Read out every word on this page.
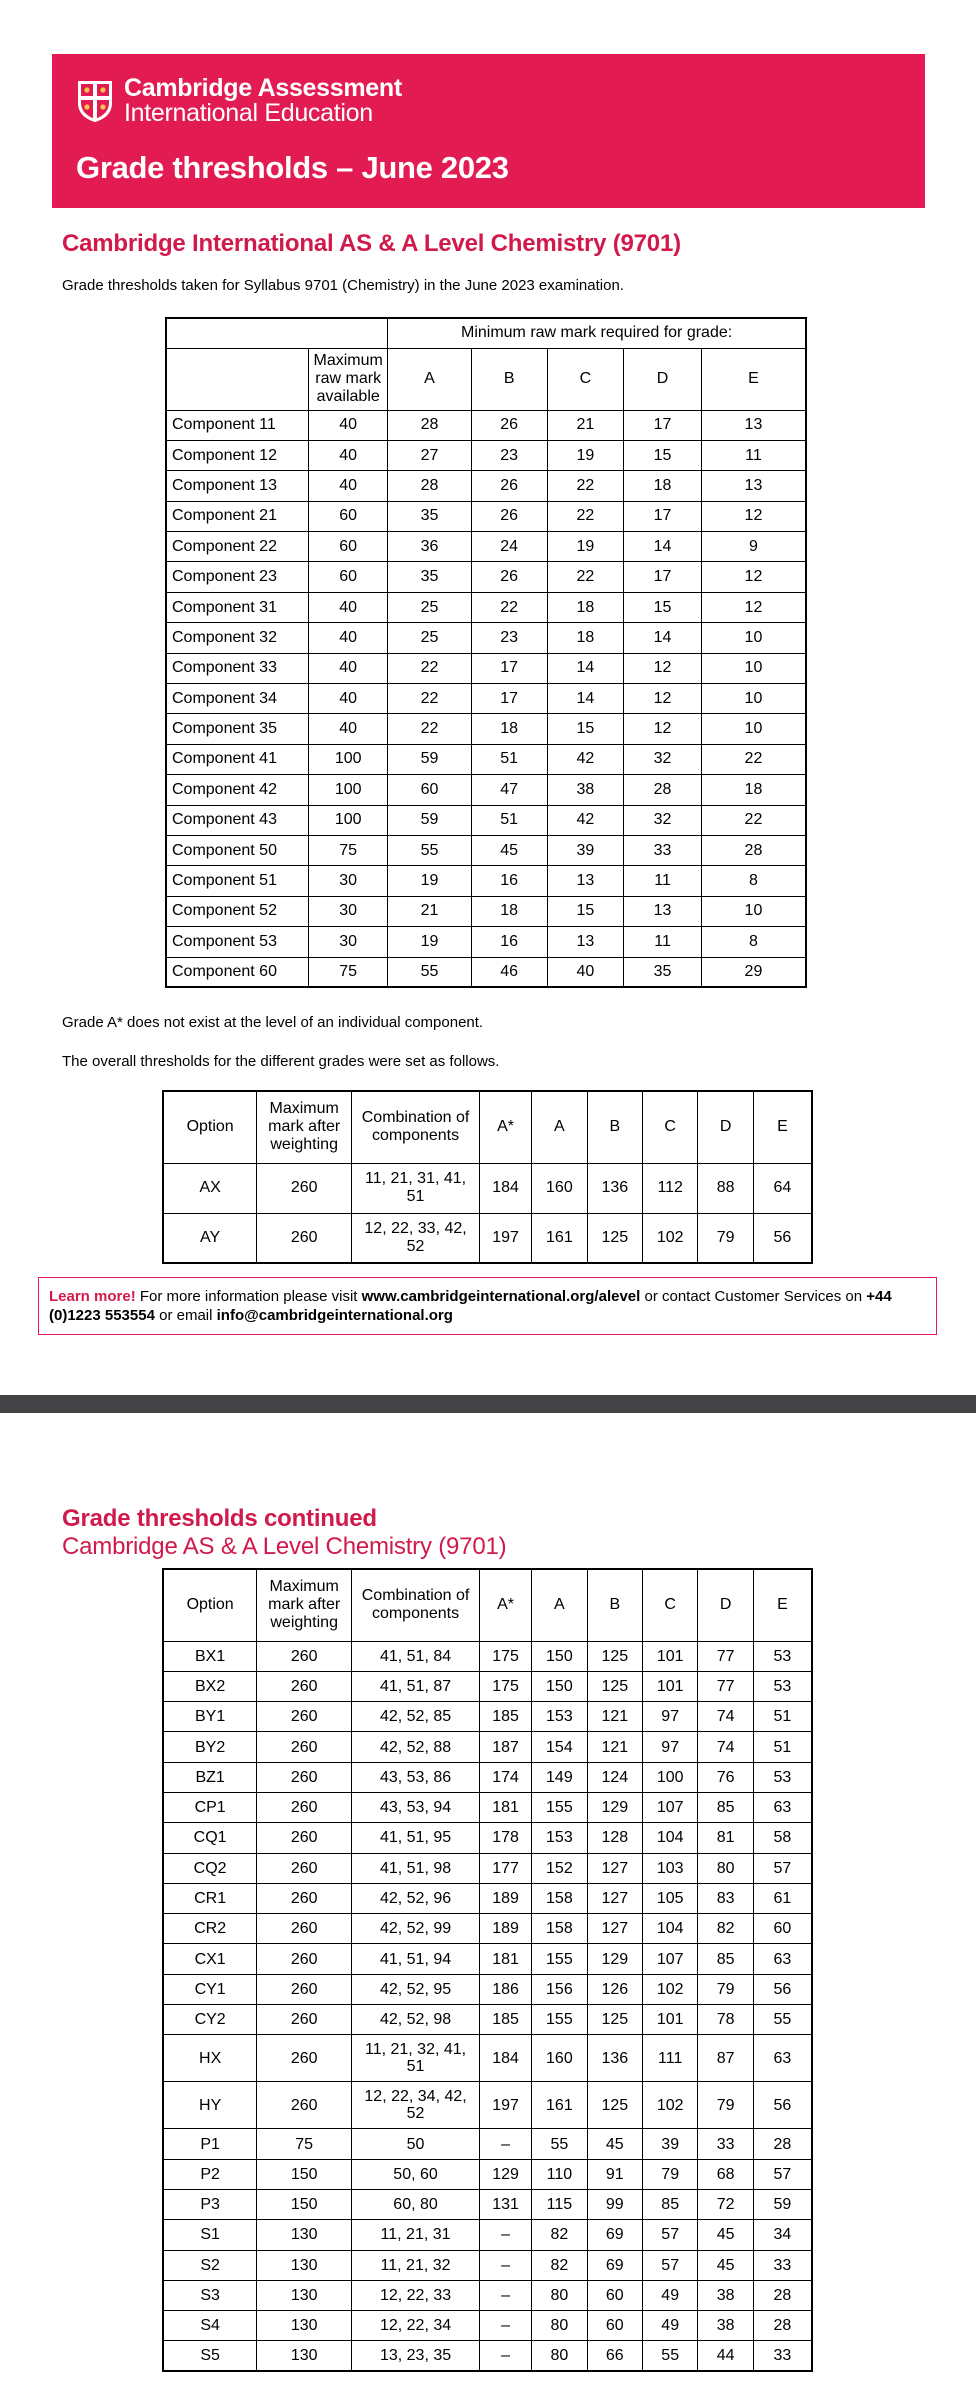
Cambridge Assessment
International Education
Grade thresholds – June 2023
Cambridge International AS & A Level Chemistry (9701)
Grade thresholds taken for Syllabus 9701 (Chemistry) in the June 2023 examination.
		Minimum raw mark required for grade:				
	Maximum raw mark available	A	B	C	D	E
Component 11	40	28	26	21	17	13
Component 12	40	27	23	19	15	11
Component 13	40	28	26	22	18	13
Component 21	60	35	26	22	17	12
Component 22	60	36	24	19	14	9
Component 23	60	35	26	22	17	12
Component 31	40	25	22	18	15	12
Component 32	40	25	23	18	14	10
Component 33	40	22	17	14	12	10
Component 34	40	22	17	14	12	10
Component 35	40	22	18	15	12	10
Component 41	100	59	51	42	32	22
Component 42	100	60	47	38	28	18
Component 43	100	59	51	42	32	22
Component 50	75	55	45	39	33	28
Component 51	30	19	16	13	11	8
Component 52	30	21	18	15	13	10
Component 53	30	19	16	13	11	8
Component 60	75	55	46	40	35	29
Grade A* does not exist at the level of an individual component.
The overall thresholds for the different grades were set as follows.
Option	Maximum mark after weighting	Combination of components	A*	A	B	C	D	E
AX	260	11, 21, 31, 41, 51	184	160	136	112	88	64
AY	260	12, 22, 33, 42, 52	197	161	125	102	79	56
Learn more! For more information please visit www.cambridgeinternational.org/alevel or contact Customer Services on +44 (0)1223 553554 or email info@cambridgeinternational.org
Grade thresholds continued
Cambridge AS & A Level Chemistry (9701)
Option	Maximum mark after weighting	Combination of components	A*	A	B	C	D	E
BX1	260	41, 51, 84	175	150	125	101	77	53
BX2	260	41, 51, 87	175	150	125	101	77	53
BY1	260	42, 52, 85	185	153	121	97	74	51
BY2	260	42, 52, 88	187	154	121	97	74	51
BZ1	260	43, 53, 86	174	149	124	100	76	53
CP1	260	43, 53, 94	181	155	129	107	85	63
CQ1	260	41, 51, 95	178	153	128	104	81	58
CQ2	260	41, 51, 98	177	152	127	103	80	57
CR1	260	42, 52, 96	189	158	127	105	83	61
CR2	260	42, 52, 99	189	158	127	104	82	60
CX1	260	41, 51, 94	181	155	129	107	85	63
CY1	260	42, 52, 95	186	156	126	102	79	56
CY2	260	42, 52, 98	185	155	125	101	78	55
HX	260	11, 21, 32, 41, 51	184	160	136	111	87	63
HY	260	12, 22, 34, 42, 52	197	161	125	102	79	56
P1	75	50	–	55	45	39	33	28
P2	150	50, 60	129	110	91	79	68	57
P3	150	60, 80	131	115	99	85	72	59
S1	130	11, 21, 31	–	82	69	57	45	34
S2	130	11, 21, 32	–	82	69	57	45	33
S3	130	12, 22, 33	–	80	60	49	38	28
S4	130	12, 22, 34	–	80	60	49	38	28
S5	130	13, 23, 35	–	80	66	55	44	33
